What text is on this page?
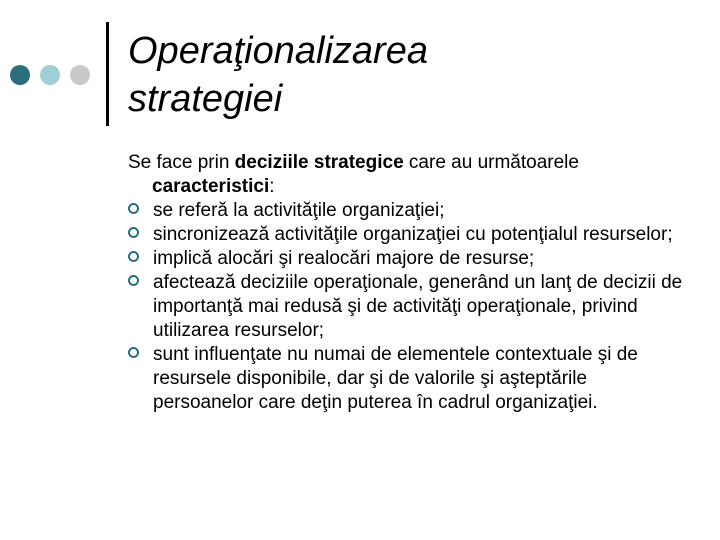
Operaţionalizarea
strategiei
Se face prin deciziile strategice care au următoarele caracteristici:
se referă la activităţile organizaţiei;
sincronizează activităţile organizaţiei cu potenţialul resurselor;
implică alocări şi realocări majore de resurse;
afectează deciziile operaţionale, generând un lanţ de decizii de importanţă mai redusă şi de activităţi operaţionale, privind utilizarea resurselor;
sunt influenţate nu numai de elementele contextuale şi de resursele disponibile, dar şi de valorile şi aşteptările persoanelor care deţin puterea în cadrul organizaţiei.
